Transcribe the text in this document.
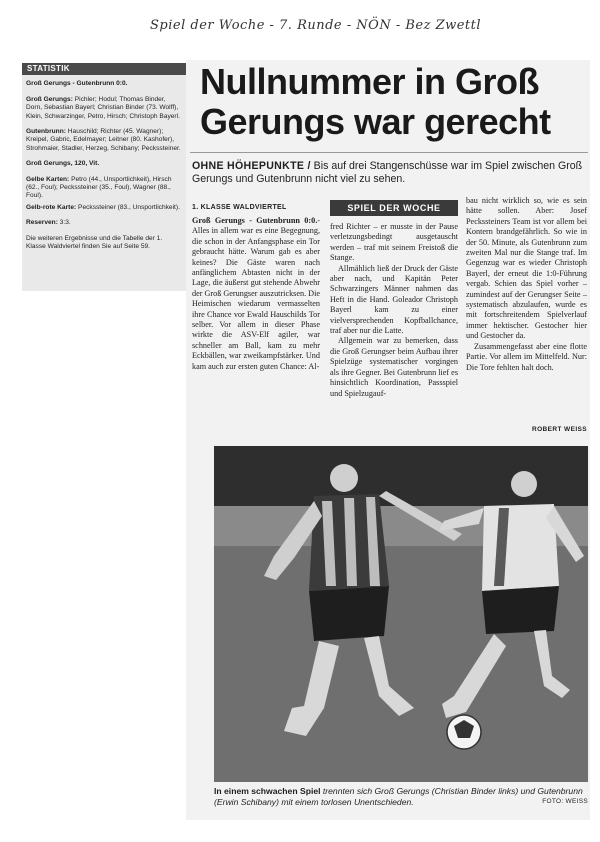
Spiel der Woche - 7. Runde - NÖN - Bez Zwettl
STATISTIK

Groß Gerungs - Gutenbrunn 0:0.

Groß Gerungs: Pichler; Hodul; Thomas Binder, Dorn, Sebastian Bayerl; Christian Binder (73. Wolff), Klein, Schwarzinger, Petro, Hirsch; Christoph Bayerl.

Gutenbrunn: Hauschild; Richter (45. Wagner); Kreipel, Gabric, Edelmayer; Leitner (80. Kashofer), Strohmaier, Stadler, Herzeg, Schibany; Peckssteiner.

Groß Gerungs, 120, Vit.

Gelbe Karten: Petro (44., Unsportlichkeit), Hirsch (62., Foul); Peckssteiner (35., Foul), Wagner (88., Foul).

Gelb-rote Karte: Peckssteiner (83., Unsportlichkeit).

Reserven: 3:3.

Die weiteren Ergebnisse und die Tabelle der 1. Klasse Waldviertel finden Sie auf Seite 59.

Nullnummer in Groß
Gerungs war gerecht
OHNE HÖHEPUNKTE / Bis auf drei Stangenschüsse war im Spiel zwischen Groß Gerungs und Gutenbrunn nicht viel zu sehen.
1. KLASSE WALDVIERTEL	SPIEL DER WOCHE

Groß Gerungs - Gutenbrunn 0:0.- Alles in allem war es eine Begegnung, die schon in der Anfangsphase ein Tor gebraucht hätte. Warum gab es aber keines? Die Gäste waren nach anfänglichem Abtasten nicht in der Lage, die äußerst gut stehende Abwehr der Groß Gerungser auszutricksen. Die Heimischen wiedarum vermasselten ihre Chance vor Ewald Hauschilds Tor selber. Vor allem in dieser Phase wirkte die ASV-Elf agiler, war schneller am Ball, kam zu mehr Eckbällen, war zweikampfstärker. Und kam auch zur ersten guten Chance: Al-

fred Richter – er musste in der Pause verletzungsbedingt ausgetauscht werden – traf mit seinem Freistoß die Stange.

Allmählich ließ der Druck der Gäste aber nach, und Kapitän Peter Schwarzingers Männer nahmen das Heft in die Hand. Goleador Christoph Bayerl kam zu einer vielversprechenden Kopfballchance, traf aber nur die Latte.

Allgemein war zu bemerken, dass die Groß Gerungser beim Aufbau ihrer Spielzüge systematischer vorgingen als ihre Gegner. Bei Gutenbrunn lief es hinsichtlich Koordination, Passspiel und Spielzugauf-

bau nicht wirklich so, wie es sein hätte sollen. Aber: Josef Peckssteiners Team ist vor allem bei Kontern brandgefährlich. So wie in der 50. Minute, als Gutenbrunn zum zweiten Mal nur die Stange traf. Im Gegenzug war es wieder Christoph Bayerl, der erneut die 1:0-Führung vergab. Schien das Spiel vorher – zumindest auf der Gerungser Seite – systematisch abzulaufen, wurde es mit fortschreitendem Spielverlauf immer hektischer. Gestocher hier und Gestocher da.

Zusammengefasst aber eine flotte Partie. Vor allem im Mittelfeld. Nur: Die Tore fehlten halt doch.

ROBERT WEISS
In einem schwachen Spiel trennten sich Groß Gerungs (Christian Binder links) und Gutenbrunn (Erwin Schibany) mit einem torlosen Unentschieden.	FOTO: WEISS
